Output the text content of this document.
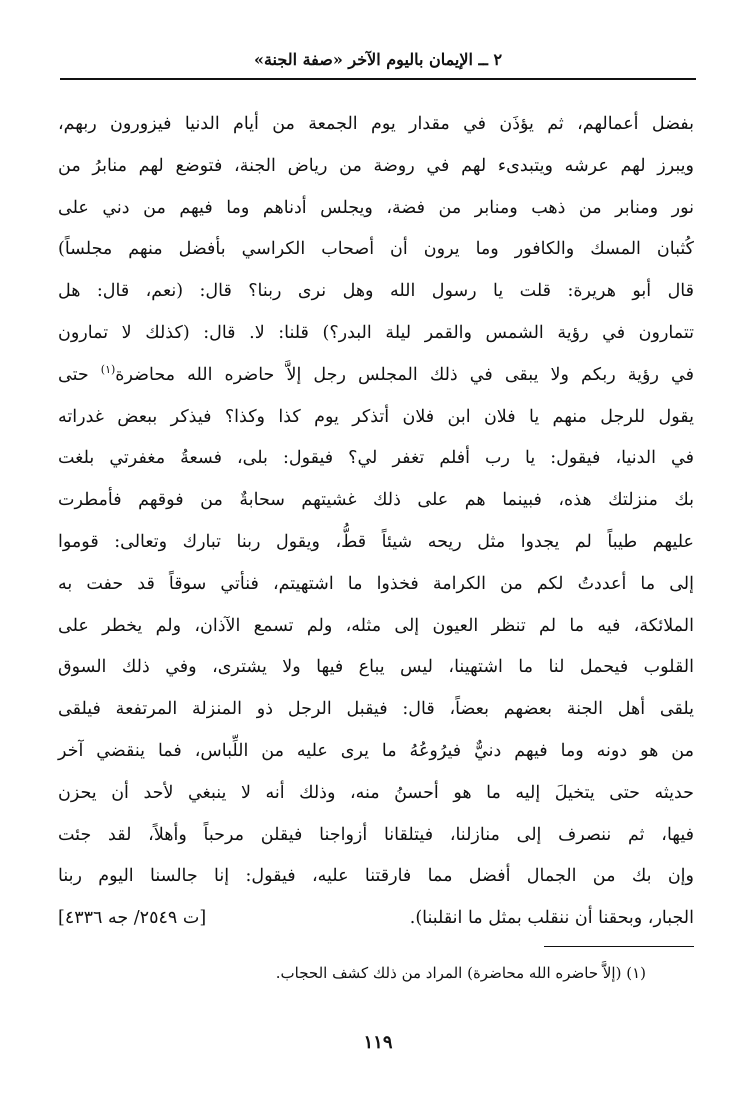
٢ ــ الإيمان باليوم الآخر «صفة الجنة»
بفضل أعمالهم، ثم يؤذَن في مقدار يوم الجمعة من أيام الدنيا فيزورون ربهم،
ويبرز لهم عرشه ويتبدىء لهم في روضة من رياض الجنة، فتوضع لهم منابرُ من
نور ومنابر من ذهب ومنابر من فضة، ويجلس أدناهم وما فيهم من دني على
كُثبان المسك والكافور وما يرون أن أصحاب الكراسي بأفضل منهم مجلساً)
قال أبو هريرة: قلت يا رسول الله وهل نرى ربنا؟ قال: (نعم، قال: هل
تتمارون في رؤية الشمس والقمر ليلة البدر؟) قلنا: لا. قال: (كذلك لا تمارون
في رؤية ربكم ولا يبقى في ذلك المجلس رجل إلاَّ حاضره الله محاضرة$^{(١)}$ حتى
يقول للرجل منهم يا فلان ابن فلان أتذكر يوم كذا وكذا؟ فيذكر ببعض غدراته
في الدنيا، فيقول: يا رب أفلم تغفر لي؟ فيقول: بلى، فسعةُ مغفرتي بلغت
بك منزلتك هذه، فبينما هم على ذلك غشيتهم سحابةٌ من فوقهم فأمطرت
عليهم طيباً لم يجدوا مثل ريحه شيئاً قطُّ، ويقول ربنا تبارك وتعالى: قوموا
إلى ما أعددتُ لكم من الكرامة فخذوا ما اشتهيتم، فنأتي سوقاً قد حفت به
الملائكة، فيه ما لم تنظر العيون إلى مثله، ولم تسمع الآذان، ولم يخطر على
القلوب فيحمل لنا ما اشتهينا، ليس يباع فيها ولا يشترى، وفي ذلك السوق
يلقى أهل الجنة بعضهم بعضاً، قال: فيقبل الرجل ذو المنزلة المرتفعة فيلقى
من هو دونه وما فيهم دنيٌّ فيرُوعُهُ ما يرى عليه من اللِّباس، فما ينقضي آخر
حديثه حتى يتخيلَ إليه ما هو أحسنُ منه، وذلك أنه لا ينبغي لأحد أن يحزن
فيها، ثم ننصرف إلى منازلنا، فيتلقانا أزواجنا فيقلن مرحباً وأهلاً، لقد جئت
وإن بك من الجمال أفضل مما فارقتنا عليه، فيقول: إنا جالسنا اليوم ربنا
الجبار، وبحقنا أن ننقلب بمثل ما انقلبنا).
[ت ٢٥٤٩/ جه ٤٣٣٦]
(١) (إلاَّ حاضره الله محاضرة) المراد من ذلك كشف الحجاب.
١١٩
